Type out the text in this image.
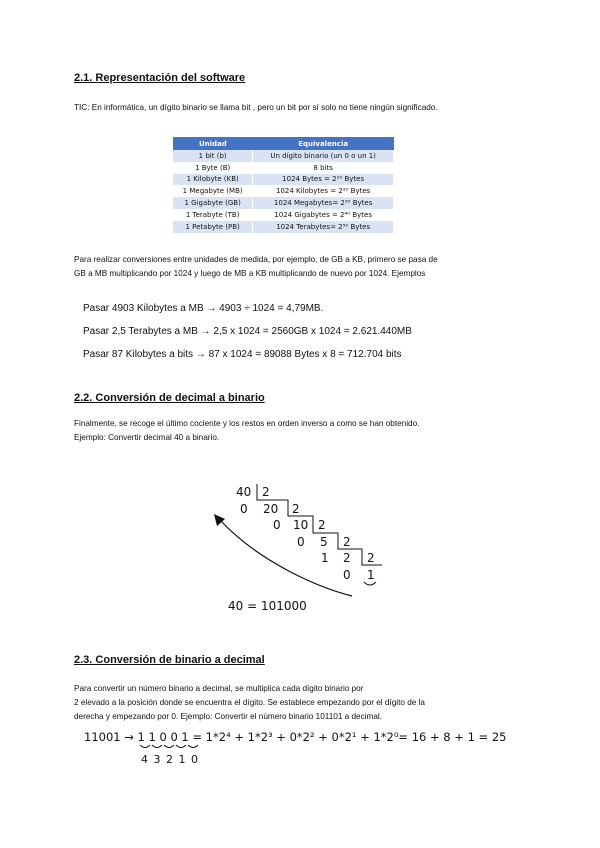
2.1. Representación del software

TIC: En informática, un dígito binario se llama bit , pero un bit por sí solo no tiene ningún significado.

Unidad	Equivalencia
1 bit (b)	Un dígito binario (un 0 o un 1)
1 Byte (B)	8 bits
1 Kilobyte (KB)	1024 Bytes = 2¹⁰ Bytes
1 Megabyte (MB)	1024 Kilobytes = 2²⁰ Bytes
1 Gigabyte (GB)	1024 Megabytes= 2³⁰ Bytes
1 Terabyte (TB)	1024 Gigabytes = 2⁴⁰ Bytes
1 Petabyte (PB)	1024 Terabytes= 2⁵⁰ Bytes
Para realizar conversiones entre unidades de medida, por ejemplo, de GB a KB, primero se pasa de
GB a MB multiplicando por 1024 y luego de MB a KB multiplicando de nuevo por 1024. Ejemplos
Pasar 4903 Kilobytes a MB → 4903 ÷ 1024 = 4,79MB.
Pasar 2,5 Terabytes a MB → 2,5 x 1024 = 2560GB x 1024 = 2.621.440MB
Pasar 87 Kilobytes a bits → 87 x 1024 = 89088 Bytes x 8 = 712.704 bits
2.2. Conversión de decimal a binario
Finalmente, se recoge el último cociente y los restos en orden inverso a como se han obtenido.
Ejemplo: Convertir decimal 40 a binario.
40 2
0 20 2
0 10 2
0 5 2
1 2 2
0 1
40 = 101000
2.3. Conversión de binario a decimal
Para convertir un número binario a decimal, se multiplica cada dígito binario por
2 elevado a la posición donde se encuentra el dígito. Se establece empezando por el dígito de la
derecha y empezando por 0. Ejemplo: Convertir el número binario 101101 a decimal.
11001 → 1 1 0 0 1 = 1*2⁴ + 1*2³ + 0*2² + 0*2¹ + 1*2⁰= 16 + 8 + 1 = 25
4 3 2 1 0
